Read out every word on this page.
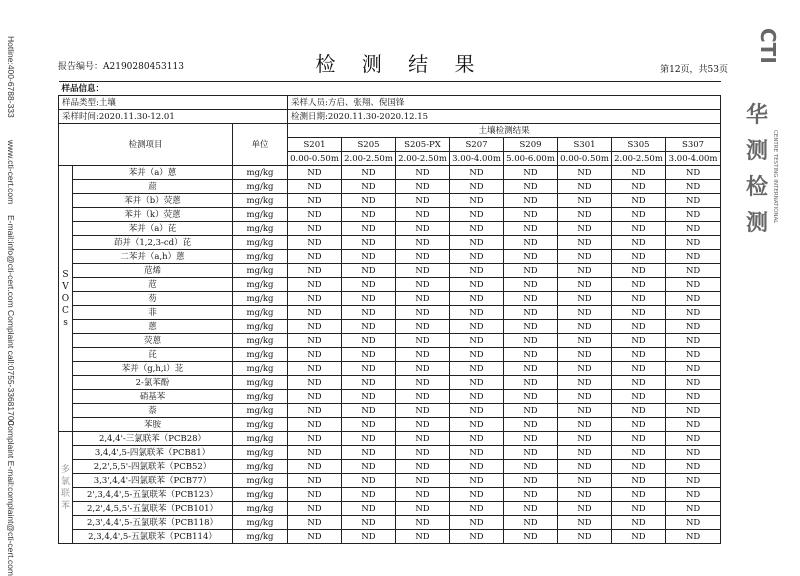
Hotline:400-6788-333
www.cti-cert.com
E-mail:info@cti-cert.com
Complaint call:0755-33681700
Complaint E-mail:complaint@cti-cert.com
CTI
华测检测
CENTRE TESTING INTERNATIONAL
报告编号：A2190280453113	检 测 结 果	第12页，共53页
样品信息：										
样品类型:土壤			采样人员:方启、张翔、倪国锋							
采样时间:2020.11.30-12.01			检测日期:2020.11.30-2020.12.15							
检测项目		单位	土壤检测结果							
			S201	S205	S205-PX	S207	S209	S301	S305	S307
			0.00-0.50m	2.00-2.50m	2.00-2.50m	3.00-4.00m	5.00-6.00m	0.00-0.50m	2.00-2.50m	3.00-4.00m
SVOCs	苯并（a）蒽	mg/kg	ND	ND	ND	ND	ND	ND	ND	ND
	䓛	mg/kg	ND	ND	ND	ND	ND	ND	ND	ND
	苯并（b）荧蒽	mg/kg	ND	ND	ND	ND	ND	ND	ND	ND
	苯并（k）荧蒽	mg/kg	ND	ND	ND	ND	ND	ND	ND	ND
	苯并（a）芘	mg/kg	ND	ND	ND	ND	ND	ND	ND	ND
	茚并（1,2,3-cd）芘	mg/kg	ND	ND	ND	ND	ND	ND	ND	ND
	二苯并（a,h）蒽	mg/kg	ND	ND	ND	ND	ND	ND	ND	ND
	苊烯	mg/kg	ND	ND	ND	ND	ND	ND	ND	ND
	苊	mg/kg	ND	ND	ND	ND	ND	ND	ND	ND
	芴	mg/kg	ND	ND	ND	ND	ND	ND	ND	ND
	菲	mg/kg	ND	ND	ND	ND	ND	ND	ND	ND
	蒽	mg/kg	ND	ND	ND	ND	ND	ND	ND	ND
	荧蒽	mg/kg	ND	ND	ND	ND	ND	ND	ND	ND
	芘	mg/kg	ND	ND	ND	ND	ND	ND	ND	ND
	苯并（g,h,i）苝	mg/kg	ND	ND	ND	ND	ND	ND	ND	ND
	2-氯苯酚	mg/kg	ND	ND	ND	ND	ND	ND	ND	ND
	硝基苯	mg/kg	ND	ND	ND	ND	ND	ND	ND	ND
	萘	mg/kg	ND	ND	ND	ND	ND	ND	ND	ND
	苯胺	mg/kg	ND	ND	ND	ND	ND	ND	ND	ND
多氯联苯	2,4,4'-三氯联苯（PCB28）	mg/kg	ND	ND	ND	ND	ND	ND	ND	ND
	3,4,4',5-四氯联苯（PCB81）	mg/kg	ND	ND	ND	ND	ND	ND	ND	ND
	2,2',5,5'-四氯联苯（PCB52）	mg/kg	ND	ND	ND	ND	ND	ND	ND	ND
	3,3',4,4'-四氯联苯（PCB77）	mg/kg	ND	ND	ND	ND	ND	ND	ND	ND
	2',3,4,4',5-五氯联苯（PCB123）	mg/kg	ND	ND	ND	ND	ND	ND	ND	ND
	2,2',4,5,5'-五氯联苯（PCB101）	mg/kg	ND	ND	ND	ND	ND	ND	ND	ND
	2,3',4,4',5-五氯联苯（PCB118）	mg/kg	ND	ND	ND	ND	ND	ND	ND	ND
	2,3,4,4',5-五氯联苯（PCB114）	mg/kg	ND	ND	ND	ND	ND	ND	ND	ND
